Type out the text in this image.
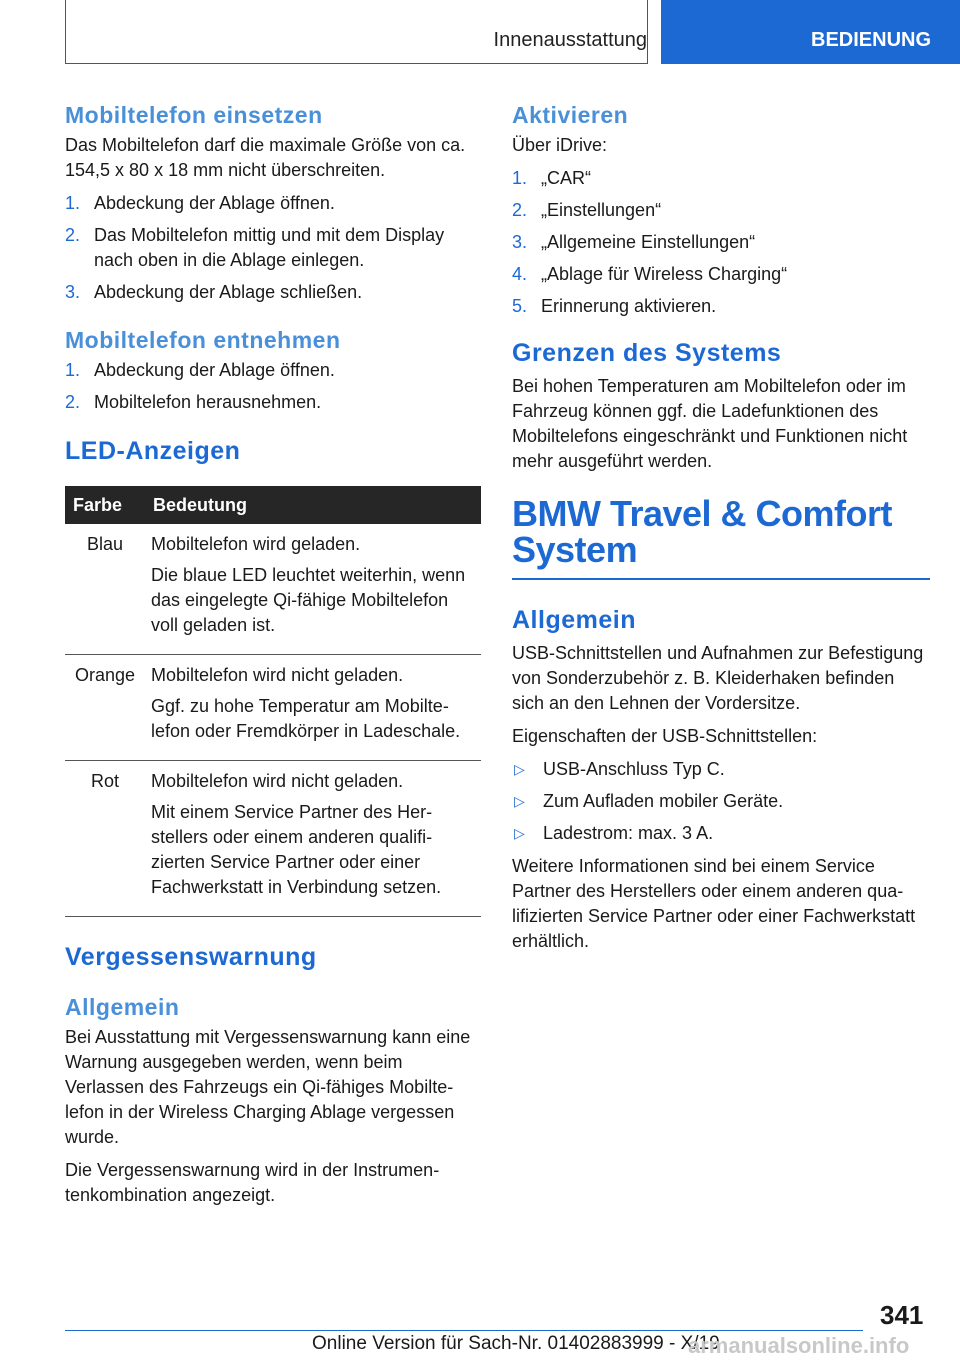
Innenausstattung	BEDIENUNG
Mobiltelefon einsetzen

Das Mobiltelefon darf die maximale Größe von ca. 154,5 x 80 x 18 mm nicht überschreiten.

1. Abdeckung der Ablage öffnen.
2. Das Mobiltelefon mittig und mit dem Display nach oben in die Ablage einlegen.
3. Abdeckung der Ablage schließen.
Mobiltelefon entnehmen
1. Abdeckung der Ablage öffnen.
2. Mobiltelefon herausnehmen.
LED-Anzeigen
Farbe	Bedeutung
Blau	Mobiltelefon wird geladen.

Die blaue LED leuchtet weiterhin, wenn das eingelegte Qi-fähige Mobiltelefon voll geladen ist.

Orange	Mobiltelefon wird nicht geladen.

Ggf. zu hohe Temperatur am Mobiltelefon oder Fremdkörper in Ladeschale.

Rot	Mobiltelefon wird nicht geladen.

Mit einem Service Partner des Herstellers oder einem anderen qualifizierten Service Partner oder einer Fachwerkstatt in Verbindung setzen.

Vergessenswarnung
Allgemein

Bei Ausstattung mit Vergessenswarnung kann eine Warnung ausgegeben werden, wenn beim Verlassen des Fahrzeugs ein Qi-fähiges Mobiltelefon in der Wireless Charging Ablage vergessen wurde.

Die Vergessenswarnung wird in der Instrumentenkombination angezeigt.

Aktivieren

Über iDrive:

1. „CAR“
2. „Einstellungen“
3. „Allgemeine Einstellungen“
4. „Ablage für Wireless Charging“
5. Erinnerung aktivieren.
Grenzen des Systems

Bei hohen Temperaturen am Mobiltelefon oder im Fahrzeug können ggf. die Ladefunktionen des Mobiltelefons eingeschränkt und Funktionen nicht mehr ausgeführt werden.

BMW Travel & Comfort
System
Allgemein

USB-Schnittstellen und Aufnahmen zur Befestigung von Sonderzubehör z. B. Kleiderhaken befinden sich an den Lehnen der Vordersitze.

Eigenschaften der USB-Schnittstellen:

▷	USB-Anschluss Typ C.
▷	Zum Aufladen mobiler Geräte.
▷	Ladestrom: max. 3 A.

Weitere Informationen sind bei einem Service Partner des Herstellers oder einem anderen qualifizierten Service Partner oder einer Fachwerkstatt erhältlich.

341
Online Version für Sach-Nr. 01402883999 - X/19
armanualsonline.info
